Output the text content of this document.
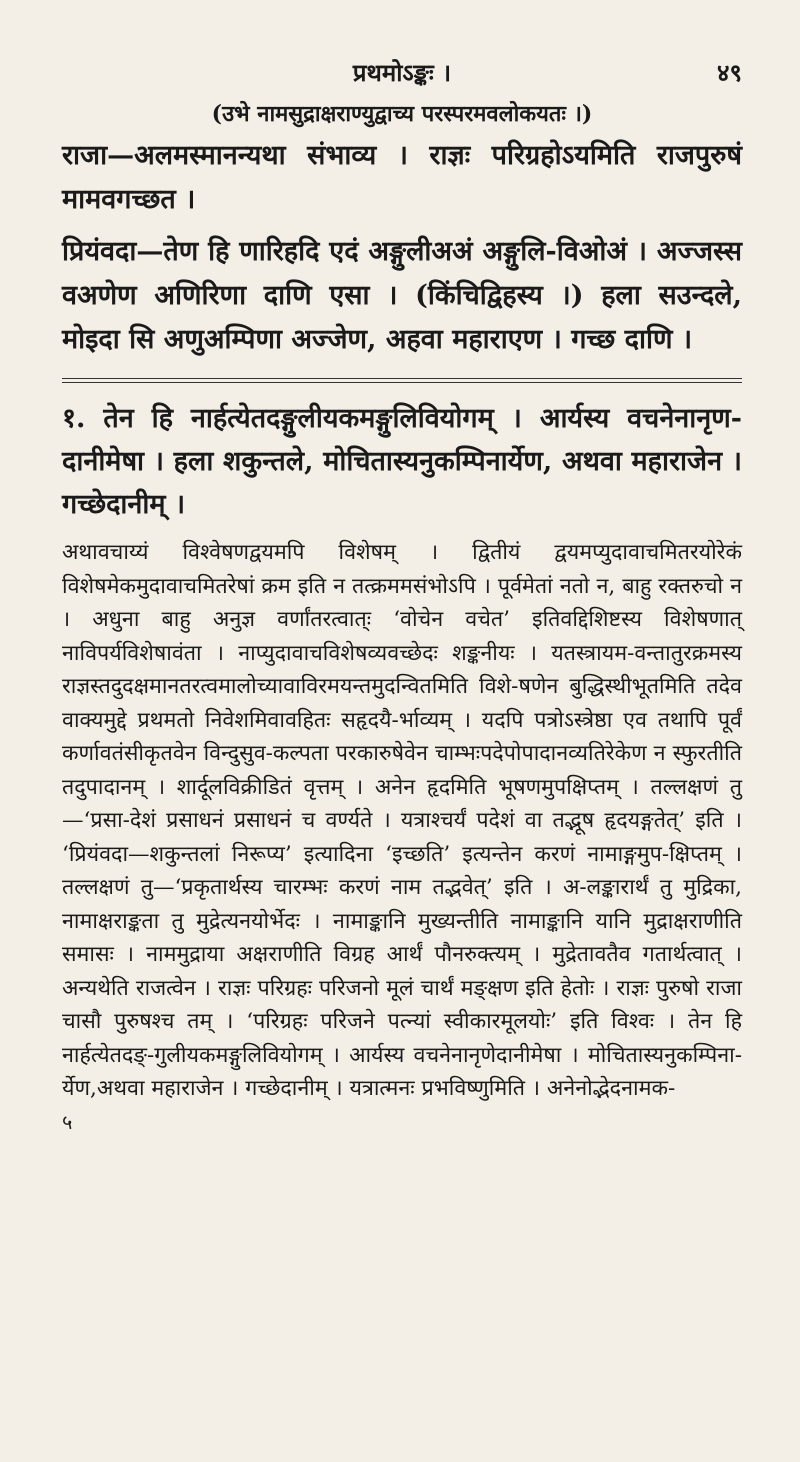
प्रथमोऽङ्कः ।	४९
(उभे नामसुद्राक्षराण्युद्वाच्य परस्परमवलोकयतः ।)

राजा—अलमस्मानन्यथा संभाव्य । राज्ञः परिग्रहोऽयमिति राजपुरुषं मामवगच्छत ।

प्रियंवदा—तेण हि णारिहदि एदं अङ्गुलीअअं अङ्गुलि-विओअं । अज्जस्स वअणेण अणिरिणा दाणि एसा । (किंचिद्विहस्य ।) हला सउन्दले, मोइदा सि अणुअम्पिणा अज्जेण, अहवा महाराएण । गच्छ दाणि ।

१. तेन हि नार्हत्येतदङ्गुलीयकमङ्गुलिवियोगम् । आर्यस्य वचनेनानृण-दानीमेषा । हला शकुन्तले, मोचितास्यनुकम्पिनार्येण, अथवा महाराजेन । गच्छेदानीम् ।

अथावचाय्यं विश्वेषणद्वयमपि विशेषम् । द्वितीयं द्वयमप्युदावाचमितरयोरेकं विशेषमेकमुदावाचमितरेषां क्रम इति न तत्क्रममसंभोऽपि । पूर्वमेतां नतो न, बाहु रक्तरुचो न । अधुना बाहु अनुज्ञ वर्णांतरत्वात्ः ‘वोचेन वचेत’ इतिवद्दिशिष्टस्य विशेषणात् नाविपर्यविशेषावंता । नाप्युदावाचविशेषव्यवच्छेदः शङ्कनीयः । यतस्त्रायम-वन्तातुरक्रमस्य राज्ञस्तदुदक्षमानतरत्वमालोच्यावाविरमयन्तमुदन्वितमिति विशे-षणेन बुद्धिस्थीभूतमिति तदेव वाक्यमुद्दे प्रथमतो निवेशमिवावहितः सहृदयै-र्भाव्यम् । यदपि पत्रोऽस्त्रेष्ठा एव तथापि पूर्वं कर्णावतंसीकृतवेन विन्दुसुव-कल्पता परकारुषेवेन चाम्भःपदेपोपादानव्यतिरेकेण न स्फुरतीति तदुपादानम् । शार्दूलविक्रीडितं वृत्तम् । अनेन हृदमिति भूषणमुपक्षिप्तम् । तल्लक्षणं तु—‘प्रसा-देशं प्रसाधनं प्रसाधनं च वर्ण्यते । यत्राश्चर्यं पदेशं वा तद्भूष हृदयङ्गतेत्’ इति । ‘प्रियंवदा—शकुन्तलां निरूप्य’ इत्यादिना ‘इच्छति’ इत्यन्तेन करणं नामाङ्गमुप-क्षिप्तम् । तल्लक्षणं तु—‘प्रकृतार्थस्य चारम्भः करणं नाम तद्भवेत्’ इति । अ-लङ्कारार्थं तु मुद्रिका, नामाक्षराङ्कता तु मुद्रेत्यनयोर्भेदः । नामाङ्कानि मुख्यन्तीति नामाङ्कानि यानि मुद्राक्षराणीति समासः । नाममुद्राया अक्षराणीति विग्रह आर्थं पौनरुक्त्यम् । मुद्रेतावतैव गतार्थत्वात् । अन्यथेति राजत्वेन । राज्ञः परिग्रहः परिजनो मूलं चार्थं मङ्क्षण इति हेतोः । राज्ञः पुरुषो राजा चासौ पुरुषश्च तम् । ‘परिग्रहः परिजने पत्न्यां स्वीकारमूलयोः’ इति विश्वः । तेन हि नार्हत्येतदङ्-गुलीयकमङ्गुलिवियोगम् । आर्यस्य वचनेनानृणेदानीमेषा । मोचितास्यनुकम्पिना-र्येण,अथवा महाराजेन । गच्छेदानीम् । यत्रात्मनः प्रभविष्णुमिति । अनेनोद्भेदनामक-

५
